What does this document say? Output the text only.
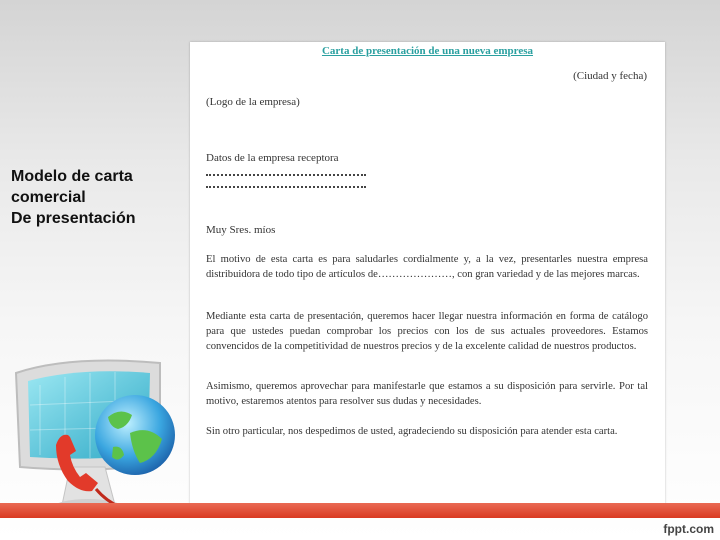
Modelo de carta
comercial
De presentación
Carta de presentación de una nueva empresa
(Ciudad y fecha)
(Logo de la empresa)
Datos de la empresa receptora
Muy Sres. míos

El motivo de esta carta es para saludarles cordialmente y, a la vez, presentarles nuestra empresa distribuidora de todo tipo de artículos de…………………, con gran variedad y de las mejores marcas.

Mediante esta carta de presentación, queremos hacer llegar nuestra información en forma de catálogo para que ustedes puedan comprobar los precios con los de sus actuales proveedores. Estamos convencidos de la competitividad de nuestros precios y de la excelente calidad de nuestros productos.

Asimismo, queremos aprovechar para manifestarle que estamos a su disposición para servirle. Por tal motivo, estaremos atentos para resolver sus dudas y necesidades.

Sin otro particular, nos despedimos de usted, agradeciendo su disposición para atender esta carta.

fppt.com
